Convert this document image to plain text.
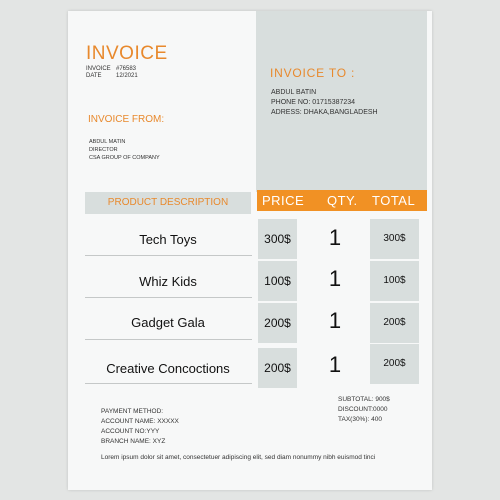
INVOICE
INVOICE #76583
DATE 12/2021	INVOICE TO :
ABDUL BATIN
PHONE NO: 01715387234
ADRESS: DHAKA,BANGLADESH
INVOICE FROM:
ABDUL MATIN
DIRECTOR
CSA GROUP OF COMPANY
PRODUCT DESCRIPTION	PRICE QTY. TOTAL
Tech Toys	300$	1	300$
Whiz Kids	100$	1	100$
Gadget Gala	200$	1	200$
Creative Concoctions	200$	1	200$
PAYMENT METHOD:
ACCOUNT NAME: XXXXX
ACCOUNT NO:YYY
BRANCH NAME: XYZ
SUBTOTAL: 900$
DISCOUNT:0000
TAX(30%): 400
Lorem ipsum dolor sit amet, consectetuer adipiscing elit, sed diam nonummy nibh euismod tinci
